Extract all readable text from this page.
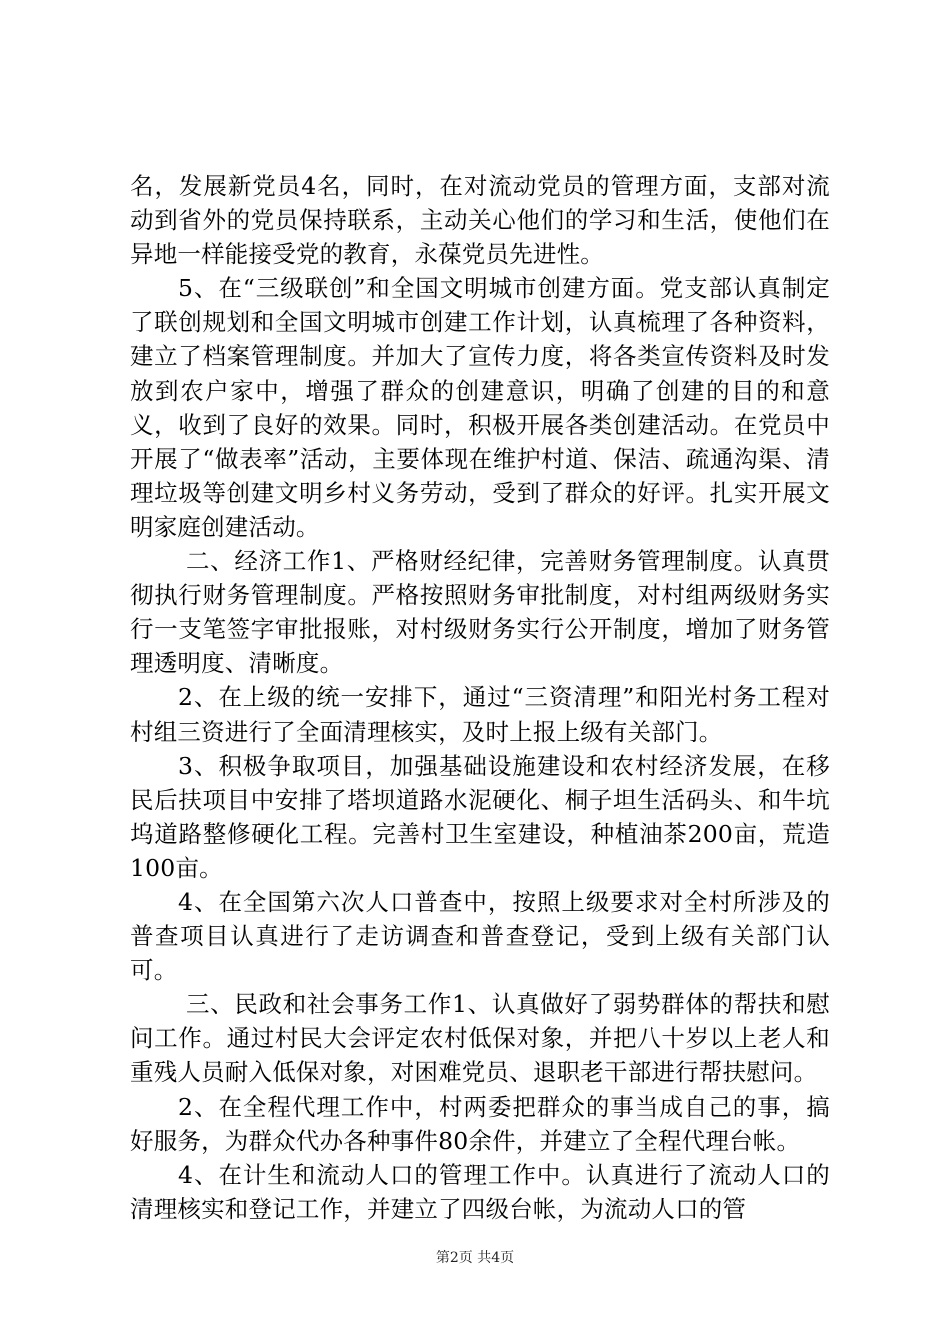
名，发展新党员4名，同时，在对流动党员的管理方面，支部对流动到省外的党员保持联系，主动关心他们的学习和生活，使他们在异地一样能接受党的教育，永葆党员先进性。

5、在“三级联创”和全国文明城市创建方面。党支部认真制定了联创规划和全国文明城市创建工作计划，认真梳理了各种资料，建立了档案管理制度。并加大了宣传力度，将各类宣传资料及时发放到农户家中，增强了群众的创建意识，明确了创建的目的和意义，收到了良好的效果。同时，积极开展各类创建活动。在党员中开展了“做表率”活动，主要体现在维护村道、保洁、疏通沟渠、清理垃圾等创建文明乡村义务劳动，受到了群众的好评。扎实开展文明家庭创建活动。

二、经济工作1、严格财经纪律，完善财务管理制度。认真贯彻执行财务管理制度。严格按照财务审批制度，对村组两级财务实行一支笔签字审批报账，对村级财务实行公开制度，增加了财务管理透明度、清晰度。

2、在上级的统一安排下，通过“三资清理”和阳光村务工程对村组三资进行了全面清理核实，及时上报上级有关部门。

3、积极争取项目，加强基础设施建设和农村经济发展，在移民后扶项目中安排了塔坝道路水泥硬化、桐子坦生活码头、和牛坑坞道路整修硬化工程。完善村卫生室建设，种植油茶200亩，荒造100亩。

4、在全国第六次人口普查中，按照上级要求对全村所涉及的普查项目认真进行了走访调查和普查登记，受到上级有关部门认可。

三、民政和社会事务工作1、认真做好了弱势群体的帮扶和慰问工作。通过村民大会评定农村低保对象，并把八十岁以上老人和重残人员耐入低保对象，对困难党员、退职老干部进行帮扶慰问。

2、在全程代理工作中，村两委把群众的事当成自己的事，搞好服务，为群众代办各种事件80余件，并建立了全程代理台帐。

4、在计生和流动人口的管理工作中。认真进行了流动人口的清理核实和登记工作，并建立了四级台帐，为流动人口的管

第2页 共4页
